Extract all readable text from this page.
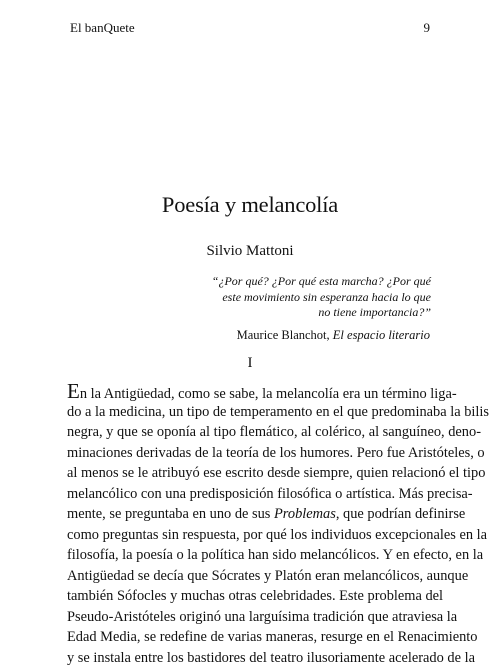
El banQuete	9
Poesía y melancolía
Silvio Mattoni
“¿Por qué? ¿Por qué esta marcha? ¿Por qué
este movimiento sin esperanza hacia lo que
no tiene importancia?”
Maurice Blanchot, El espacio literario
I
En la Antigüedad, como se sabe, la melancolía era un término liga-
do a la medicina, un tipo de temperamento en el que predominaba la bilis
negra, y que se oponía al tipo flemático, al colérico, al sanguíneo, deno-
minaciones derivadas de la teoría de los humores. Pero fue Aristóteles, o
al menos se le atribuyó ese escrito desde siempre, quien relacionó el tipo
melancólico con una predisposición filosófica o artística. Más precisa-
mente, se preguntaba en uno de sus Problemas, que podrían definirse
como preguntas sin respuesta, por qué los individuos excepcionales en la
filosofía, la poesía o la política han sido melancólicos. Y en efecto, en la
Antigüedad se decía que Sócrates y Platón eran melancólicos, aunque
también Sófocles y muchas otras celebridades. Este problema del
Pseudo-Aristóteles originó una larguísima tradición que atraviesa la
Edad Media, se redefine de varias maneras, resurge en el Renacimiento
y se instala entre los bastidores del teatro ilusoriamente acelerado de la
